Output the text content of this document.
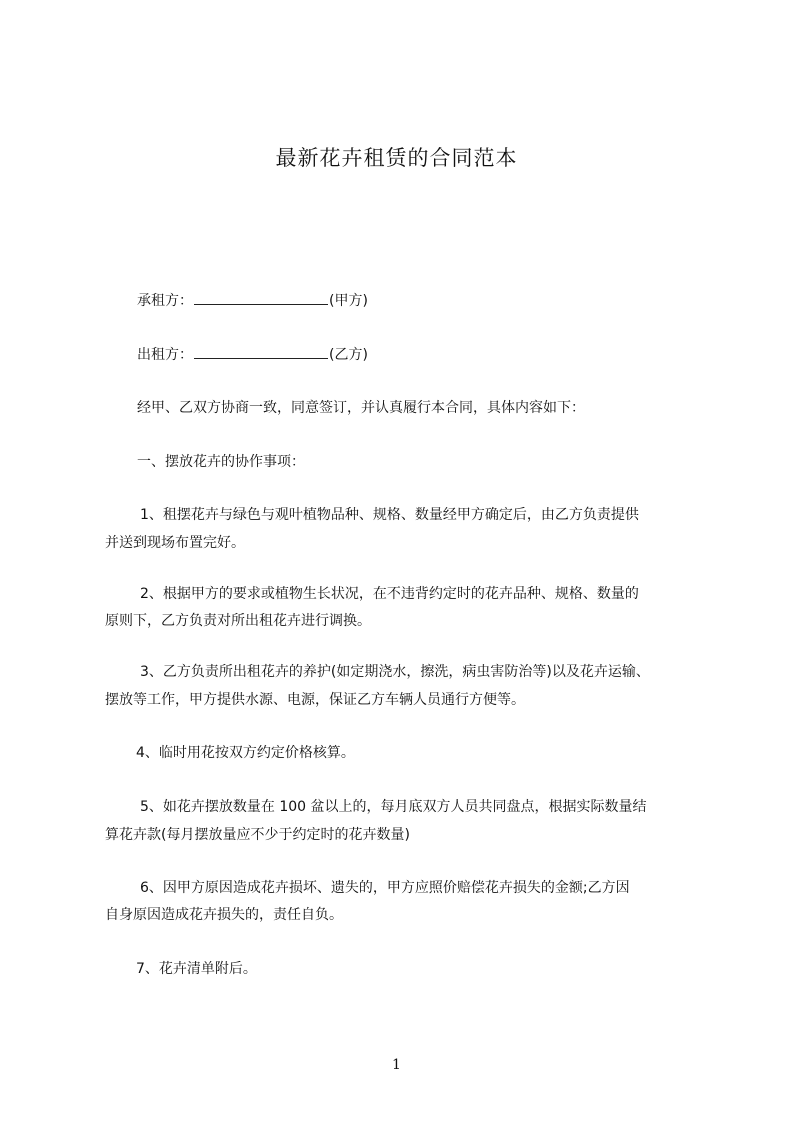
最新花卉租赁的合同范本
承租方：	(甲方)
出租方：	(乙方)
经甲、乙双方协商一致，同意签订，并认真履行本合同，具体内容如下：
一、摆放花卉的协作事项：
1、租摆花卉与绿色与观叶植物品种、规格、数量经甲方确定后，由乙方负责提供
并送到现场布置完好。
2、根据甲方的要求或植物生长状况，在不违背约定时的花卉品种、规格、数量的
原则下，乙方负责对所出租花卉进行调换。
3、乙方负责所出租花卉的养护(如定期浇水，擦洗，病虫害防治等)以及花卉运输、
摆放等工作，甲方提供水源、电源，保证乙方车辆人员通行方便等。
4、临时用花按双方约定价格核算。
5、如花卉摆放数量在 100 盆以上的，每月底双方人员共同盘点，根据实际数量结
算花卉款(每月摆放量应不少于约定时的花卉数量)
6、因甲方原因造成花卉损坏、遗失的，甲方应照价赔偿花卉损失的金额;乙方因
自身原因造成花卉损失的，责任自负。
7、花卉清单附后。
1
